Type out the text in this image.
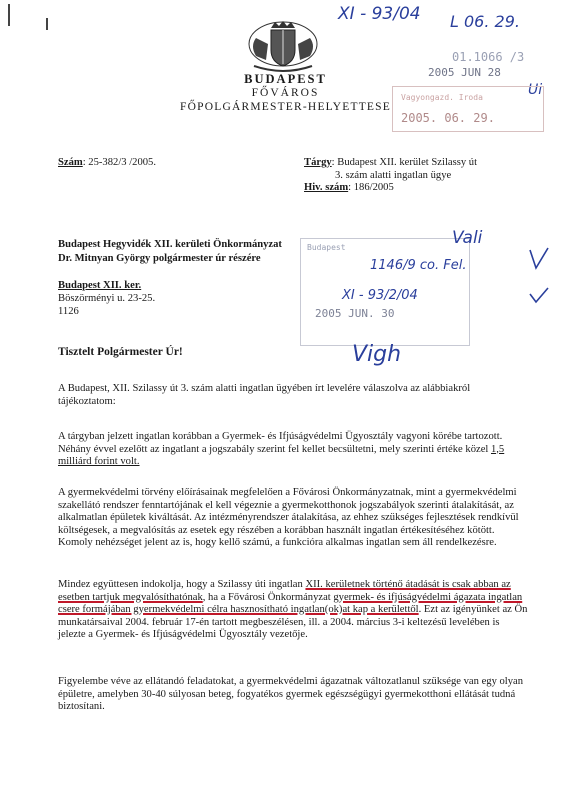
XI - 93/04 L 06. 29.
Ui
01.1066 /3
2005 JUN 28
Vagyongazd. Iroda
2005. 06. 29.
BUDAPEST
FŐVÁROS
FŐPOLGÁRMESTER-HELYETTESE
Szám: 25-382/3 /2005.	Tárgy: Budapest XII. kerület Szilassy út
3. szám alatti ingatlan ügye
Hiv. szám: 186/2005
Budapest Hegyvidék XII. kerületi Önkormányzat
Dr. Mitnyan György polgármester úr részére
Budapest XII. ker.
Böszörményi u. 23-25.
1126
Budapest
2005 JUN. 30
Vali
1146/9 co. Fel.
XI - 93/2/04
Tisztelt Polgármester Úr!	Vigh
A Budapest, XII. Szilassy út 3. szám alatti ingatlan ügyében írt levelére válaszolva az alábbiakról tájékoztatom:
A tárgyban jelzett ingatlan korábban a Gyermek- és Ifjúságvédelmi Ügyosztály vagyoni körébe tartozott. Néhány évvel ezelőtt az ingatlant a jogszabály szerint fel kellet becsültetni, mely szerinti értéke közel 1,5 milliárd forint volt.
A gyermekvédelmi törvény előírásainak megfelelően a Fővárosi Önkormányzatnak, mint a gyermekvédelmi szakellátó rendszer fenntartójának el kell végeznie a gyermekotthonok jogszabályok szerinti átalakítását, az alkalmatlan épületek kiváltását. Az intézményrendszer átalakítása, az ehhez szükséges fejlesztések rendkívül költségesek, a megvalósítás az esetek egy részében a korábban használt ingatlan értékesítéséhez kötött. Komoly nehézséget jelent az is, hogy kellő számú, a funkcióra alkalmas ingatlan sem áll rendelkezésre.
Mindez együttesen indokolja, hogy a Szilassy úti ingatlan XII. kerületnek történő átadását is csak abban az esetben tartjuk megvalósíthatónak, ha a Fővárosi Önkormányzat gyermek- és ifjúságvédelmi ágazata ingatlan csere formájában gyermekvédelmi célra hasznosítható ingatlan(ok)at kap a kerülettől. Ezt az igényünket az Ön munkatársaival 2004. február 17-én tartott megbeszélésen, ill. a 2004. március 3-i keltezésű levelében is jelezte a Gyermek- és Ifjúságvédelmi Ügyosztály vezetője.
Figyelembe véve az ellátandó feladatokat, a gyermekvédelmi ágazatnak változatlanul szüksége van egy olyan épületre, amelyben 30-40 súlyosan beteg, fogyatékos gyermek egészségügyi gyermekotthoni ellátását tudná biztosítani.
